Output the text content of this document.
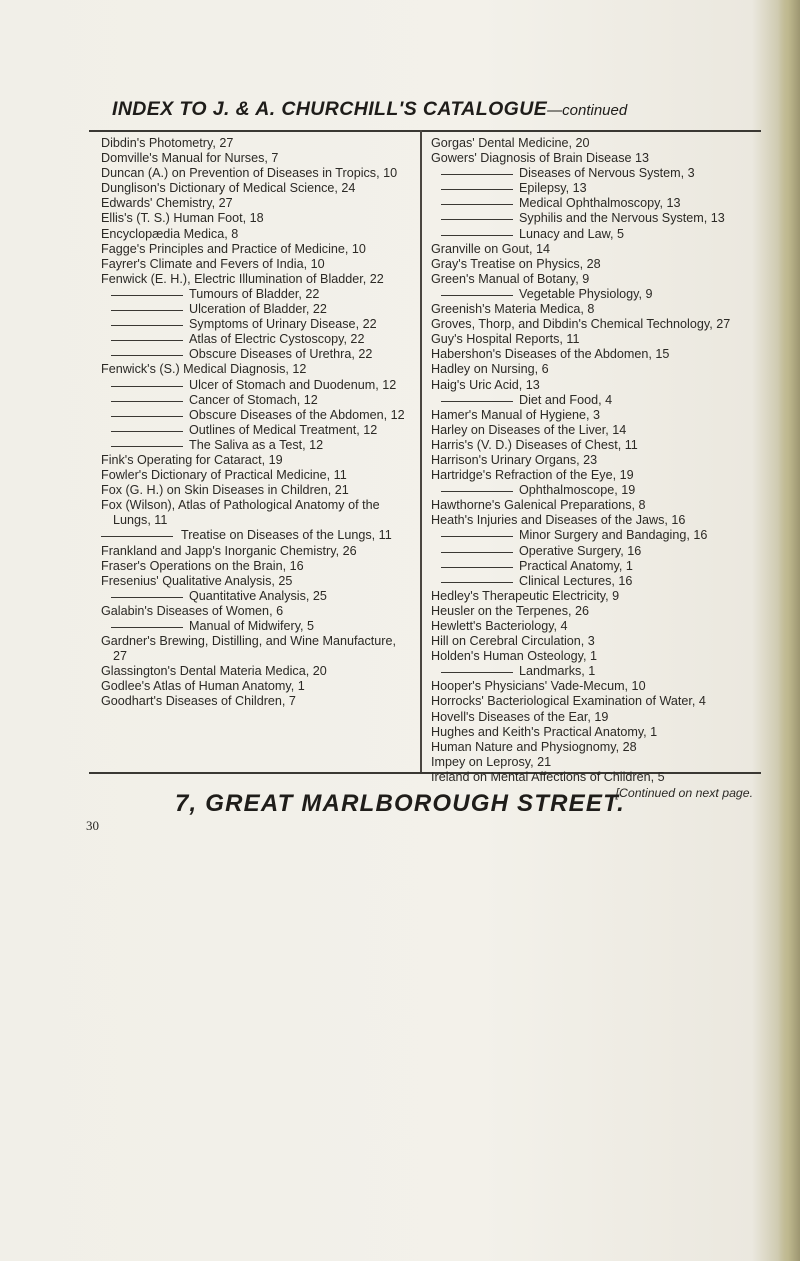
INDEX TO J. & A. CHURCHILL'S CATALOGUE—continued

Dibdin's Photometry, 27

Domville's Manual for Nurses, 7

Duncan (A.) on Prevention of Diseases in Tropics, 10

Dunglison's Dictionary of Medical Science, 24

Edwards' Chemistry, 27

Ellis's (T. S.) Human Foot, 18

Encyclopædia Medica, 8

Fagge's Principles and Practice of Medicine, 10

Fayrer's Climate and Fevers of India, 10

Fenwick (E. H.), Electric Illumination of Bladder, 22

Tumours of Bladder, 22

Ulceration of Bladder, 22

Symptoms of Urinary Disease, 22

Atlas of Electric Cystoscopy, 22

Obscure Diseases of Urethra, 22

Fenwick's (S.) Medical Diagnosis, 12

Ulcer of Stomach and Duodenum, 12

Cancer of Stomach, 12

Obscure Diseases of the Abdomen, 12

Outlines of Medical Treatment, 12

The Saliva as a Test, 12

Fink's Operating for Cataract, 19

Fowler's Dictionary of Practical Medicine, 11

Fox (G. H.) on Skin Diseases in Children, 21

Fox (Wilson), Atlas of Pathological Anatomy of the Lungs, 11

Treatise on Diseases of the Lungs, 11

Frankland and Japp's Inorganic Chemistry, 26

Fraser's Operations on the Brain, 16

Fresenius' Qualitative Analysis, 25

Quantitative Analysis, 25

Galabin's Diseases of Women, 6

Manual of Midwifery, 5

Gardner's Brewing, Distilling, and Wine Manufacture, 27

Glassington's Dental Materia Medica, 20

Godlee's Atlas of Human Anatomy, 1

Goodhart's Diseases of Children, 7

Gorgas' Dental Medicine, 20

Gowers' Diagnosis of Brain Disease 13

Diseases of Nervous System, 3

Epilepsy, 13

Medical Ophthalmoscopy, 13

Syphilis and the Nervous System, 13

Lunacy and Law, 5

Granville on Gout, 14

Gray's Treatise on Physics, 28

Green's Manual of Botany, 9

Vegetable Physiology, 9

Greenish's Materia Medica, 8

Groves, Thorp, and Dibdin's Chemical Technology, 27

Guy's Hospital Reports, 11

Habershon's Diseases of the Abdomen, 15

Hadley on Nursing, 6

Haig's Uric Acid, 13

Diet and Food, 4

Hamer's Manual of Hygiene, 3

Harley on Diseases of the Liver, 14

Harris's (V. D.) Diseases of Chest, 11

Harrison's Urinary Organs, 23

Hartridge's Refraction of the Eye, 19

Ophthalmoscope, 19

Hawthorne's Galenical Preparations, 8

Heath's Injuries and Diseases of the Jaws, 16

Minor Surgery and Bandaging, 16

Operative Surgery, 16

Practical Anatomy, 1

Clinical Lectures, 16

Hedley's Therapeutic Electricity, 9

Heusler on the Terpenes, 26

Hewlett's Bacteriology, 4

Hill on Cerebral Circulation, 3

Holden's Human Osteology, 1

Landmarks, 1

Hooper's Physicians' Vade-Mecum, 10

Horrocks' Bacteriological Examination of Water, 4

Hovell's Diseases of the Ear, 19

Hughes and Keith's Practical Anatomy, 1

Human Nature and Physiognomy, 28

Impey on Leprosy, 21

Ireland on Mental Affections of Children, 5

[Continued on next page.
7, GREAT MARLBOROUGH STREET.
30
